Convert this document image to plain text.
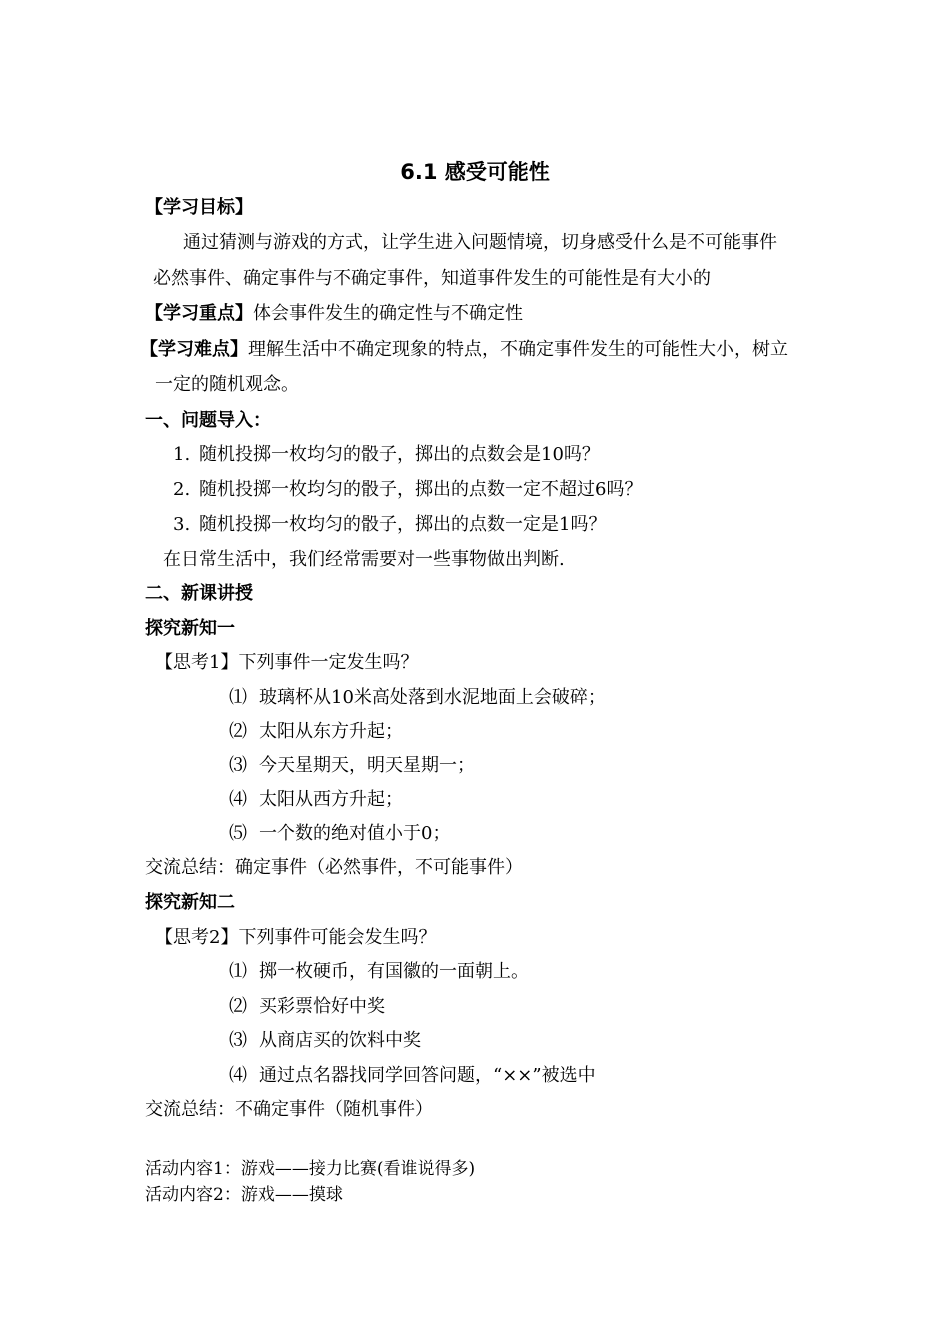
6.1 感受可能性
【学习目标】
通过猜测与游戏的方式，让学生进入问题情境，切身感受什么是不可能事件
必然事件、确定事件与不确定事件，知道事件发生的可能性是有大小的
【学习重点】体会事件发生的确定性与不确定性
【学习难点】理解生活中不确定现象的特点，不确定事件发生的可能性大小，树立
一定的随机观念。
一、问题导入：
1. 随机投掷一枚均匀的骰子，掷出的点数会是10吗？
2. 随机投掷一枚均匀的骰子，掷出的点数一定不超过6吗？
3. 随机投掷一枚均匀的骰子，掷出的点数一定是1吗？
在日常生活中，我们经常需要对一些事物做出判断.
二、新课讲授
探究新知一
【思考1】下列事件一定发生吗？
⑴ 玻璃杯从10米高处落到水泥地面上会破碎；
⑵ 太阳从东方升起；
⑶ 今天星期天，明天星期一；
⑷ 太阳从西方升起；
⑸ 一个数的绝对值小于0；
交流总结：确定事件（必然事件，不可能事件）
探究新知二
【思考2】下列事件可能会发生吗？
⑴ 掷一枚硬币，有国徽的一面朝上。
⑵ 买彩票恰好中奖
⑶ 从商店买的饮料中奖
⑷ 通过点名器找同学回答问题，“××”被选中
交流总结：不确定事件（随机事件）
活动内容1：游戏——接力比赛(看谁说得多)
活动内容2：游戏——摸球
